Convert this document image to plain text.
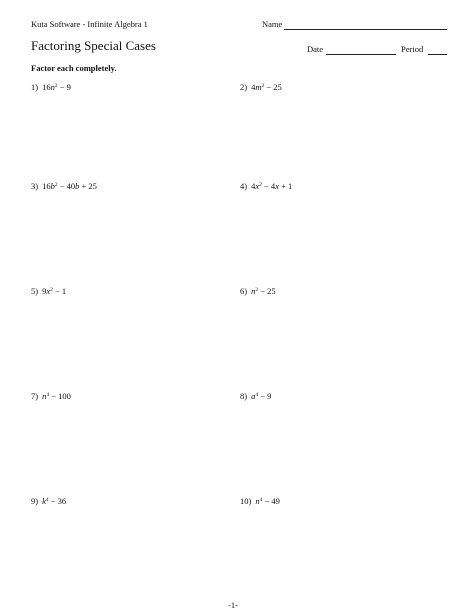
Kuta Software - Infinite Algebra 1	Name
Factoring Special Cases	Date	Period
Factor each completely.
1) $16n^2 - 9$	2) $4m^2 - 25$
3) $16b^2 - 40b + 25$	4) $4x^2 - 4x + 1$
5) $9x^2 - 1$	6) $n^2 - 25$
7) $n^4 - 100$	8) $a^4 - 9$
9) $k^4 - 36$	10) $n^4 - 49$
-1-
